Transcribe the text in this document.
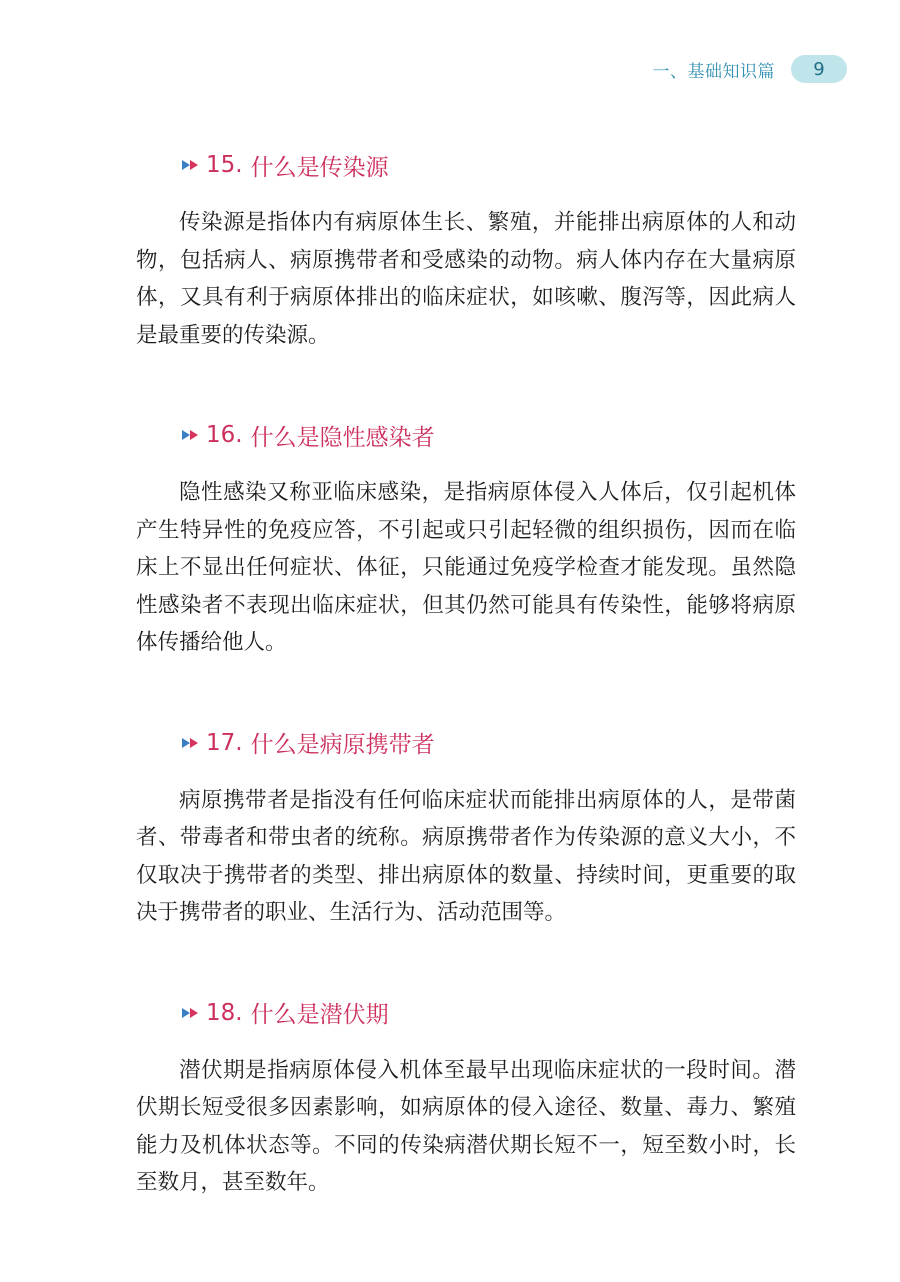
一、基础知识篇	9
15. 什么是传染源

传染源是指体内有病原体生长、繁殖，并能排出病原体的人和动物，包括病人、病原携带者和受感染的动物。病人体内存在大量病原体，又具有利于病原体排出的临床症状，如咳嗽、腹泻等，因此病人是最重要的传染源。

16. 什么是隐性感染者

隐性感染又称亚临床感染，是指病原体侵入人体后，仅引起机体产生特异性的免疫应答，不引起或只引起轻微的组织损伤，因而在临床上不显出任何症状、体征，只能通过免疫学检查才能发现。虽然隐性感染者不表现出临床症状，但其仍然可能具有传染性，能够将病原体传播给他人。

17. 什么是病原携带者

病原携带者是指没有任何临床症状而能排出病原体的人，是带菌者、带毒者和带虫者的统称。病原携带者作为传染源的意义大小，不仅取决于携带者的类型、排出病原体的数量、持续时间，更重要的取决于携带者的职业、生活行为、活动范围等。

18. 什么是潜伏期

潜伏期是指病原体侵入机体至最早出现临床症状的一段时间。潜伏期长短受很多因素影响，如病原体的侵入途径、数量、毒力、繁殖能力及机体状态等。不同的传染病潜伏期长短不一，短至数小时，长至数月，甚至数年。
